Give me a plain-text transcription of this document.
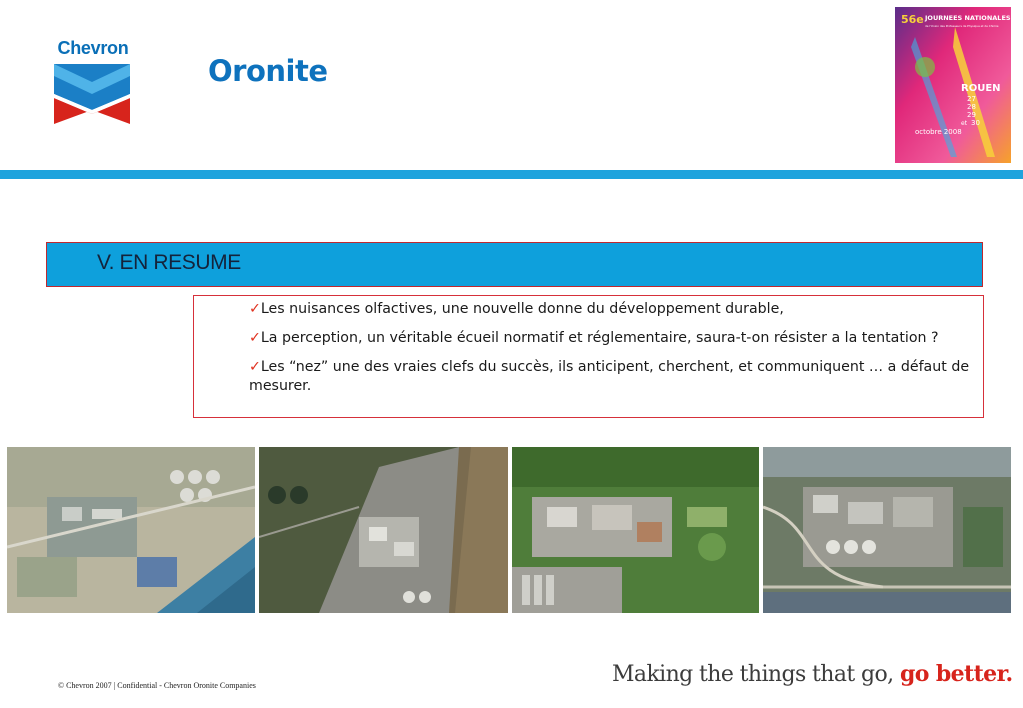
Chevron
Oronite
56e JOURNEES NATIONALES
de l'Union des Professeurs de Physique et de Chimie
ROUEN
27
28
29
et 30
octobre 2008
V. EN RESUME
✓Les nuisances olfactives, une nouvelle donne du développement durable,
✓La perception, un véritable écueil normatif et réglementaire, saura-t-on résister a la tentation ?
✓Les “nez” une des vraies clefs du succès, ils anticipent, cherchent, et communiquent … a défaut de mesurer.
© Chevron 2007 | Confidential - Chevron Oronite Companies	Making the things that go, go better.
